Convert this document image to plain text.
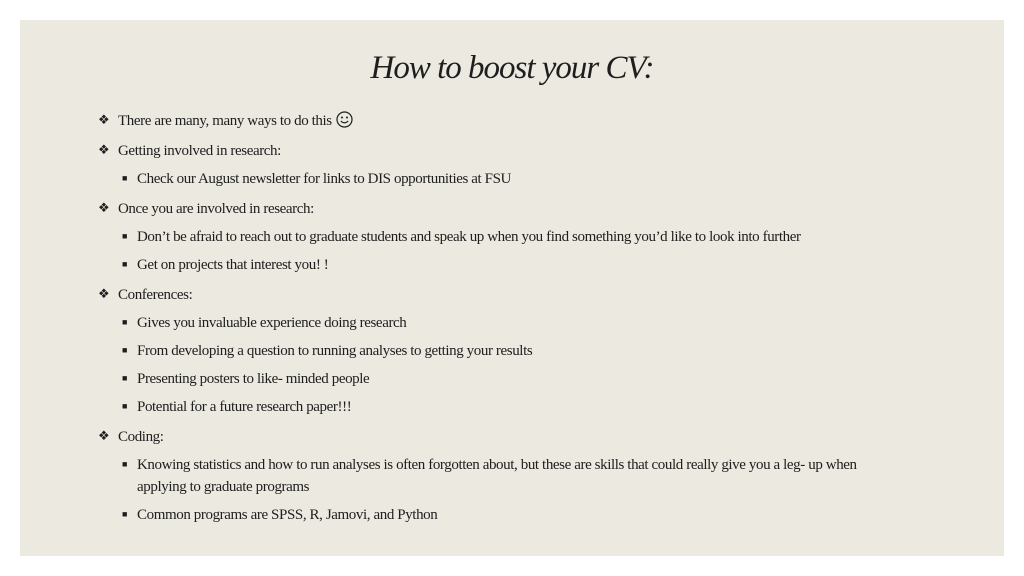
How to boost your CV:
❖ There are many, many ways to do this
❖ Getting involved in research:
■ Check our August newsletter for links to DIS opportunities at FSU
❖ Once you are involved in research:
■ Don’t be afraid to reach out to graduate students and speak up when you find something you’d like to look into further
■ Get on projects that interest you! !
❖ Conferences:
■ Gives you invaluable experience doing research
■ From developing a question to running analyses to getting your results
■ Presenting posters to like- minded people
■ Potential for a future research paper!!!
❖ Coding:
■ Knowing statistics and how to run analyses is often forgotten about, but these are skills that could really give you a leg- up when applying to graduate programs
■ Common programs are SPSS, R, Jamovi, and Python
